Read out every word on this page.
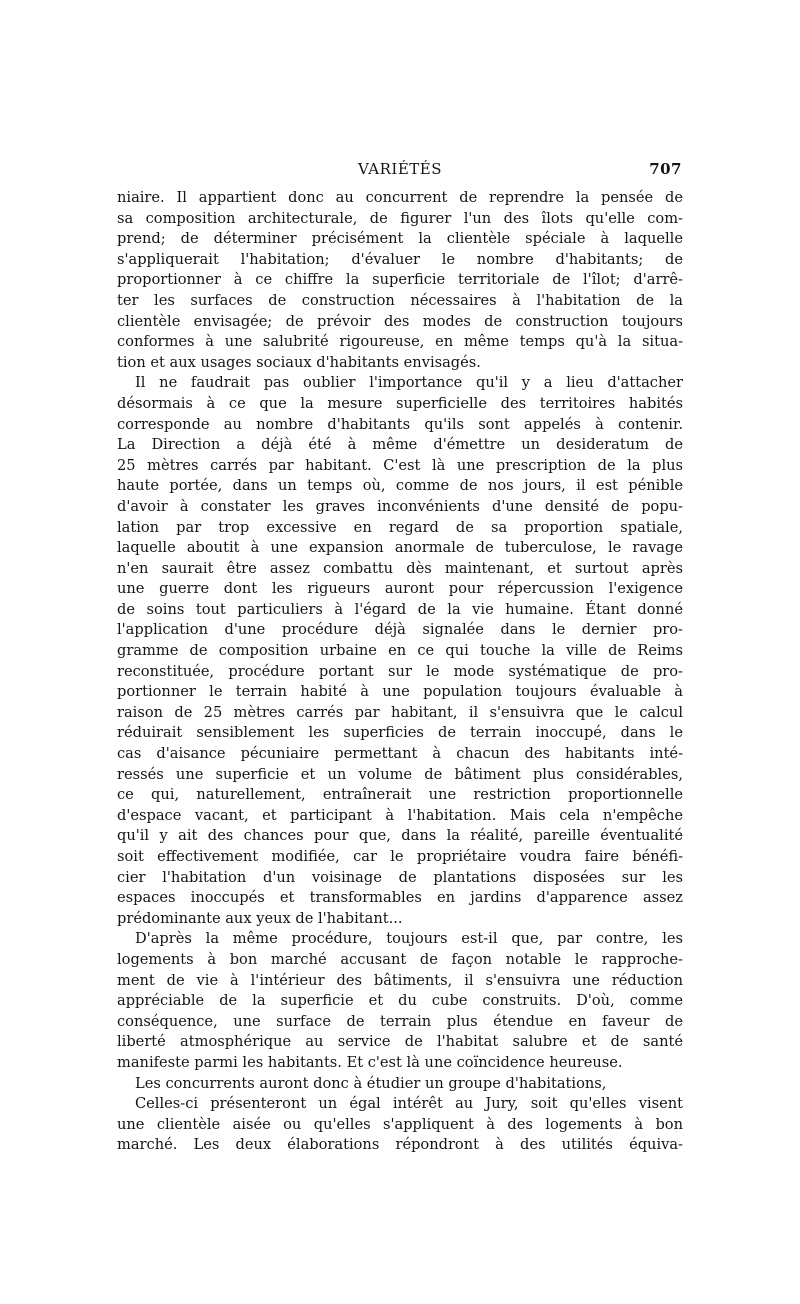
VARIÉTÉS	707
niaire. Il appartient donc au concurrent de reprendre la pensée de
sa composition architecturale, de figurer l'un des îlots qu'elle com-
prend; de déterminer précisément la clientèle spéciale à laquelle
s'appliquerait l'habitation; d'évaluer le nombre d'habitants; de
proportionner à ce chiffre la superficie territoriale de l'îlot; d'arrê-
ter les surfaces de construction nécessaires à l'habitation de la
clientèle envisagée; de prévoir des modes de construction toujours
conformes à une salubrité rigoureuse, en même temps qu'à la situa-
tion et aux usages sociaux d'habitants envisagés.
Il ne faudrait pas oublier l'importance qu'il y a lieu d'attacher
désormais à ce que la mesure superficielle des territoires habités
corresponde au nombre d'habitants qu'ils sont appelés à contenir.
La Direction a déjà été à même d'émettre un desideratum de
25 mètres carrés par habitant. C'est là une prescription de la plus
haute portée, dans un temps où, comme de nos jours, il est pénible
d'avoir à constater les graves inconvénients d'une densité de popu-
lation par trop excessive en regard de sa proportion spatiale,
laquelle aboutit à une expansion anormale de tuberculose, le ravage
n'en saurait être assez combattu dès maintenant, et surtout après
une guerre dont les rigueurs auront pour répercussion l'exigence
de soins tout particuliers à l'égard de la vie humaine. Étant donné
l'application d'une procédure déjà signalée dans le dernier pro-
gramme de composition urbaine en ce qui touche la ville de Reims
reconstituée, procédure portant sur le mode systématique de pro-
portionner le terrain habité à une population toujours évaluable à
raison de 25 mètres carrés par habitant, il s'ensuivra que le calcul
réduirait sensiblement les superficies de terrain inoccupé, dans le
cas d'aisance pécuniaire permettant à chacun des habitants inté-
ressés une superficie et un volume de bâtiment plus considérables,
ce qui, naturellement, entraînerait une restriction proportionnelle
d'espace vacant, et participant à l'habitation. Mais cela n'empêche
qu'il y ait des chances pour que, dans la réalité, pareille éventualité
soit effectivement modifiée, car le propriétaire voudra faire bénéfi-
cier l'habitation d'un voisinage de plantations disposées sur les
espaces inoccupés et transformables en jardins d'apparence assez
prédominante aux yeux de l'habitant...
D'après la même procédure, toujours est-il que, par contre, les
logements à bon marché accusant de façon notable le rapproche-
ment de vie à l'intérieur des bâtiments, il s'ensuivra une réduction
appréciable de la superficie et du cube construits. D'où, comme
conséquence, une surface de terrain plus étendue en faveur de
liberté atmosphérique au service de l'habitat salubre et de santé
manifeste parmi les habitants. Et c'est là une coïncidence heureuse.
Les concurrents auront donc à étudier un groupe d'habitations,
Celles-ci présenteront un égal intérêt au Jury, soit qu'elles visent
une clientèle aisée ou qu'elles s'appliquent à des logements à bon
marché. Les deux élaborations répondront à des utilités équiva-
